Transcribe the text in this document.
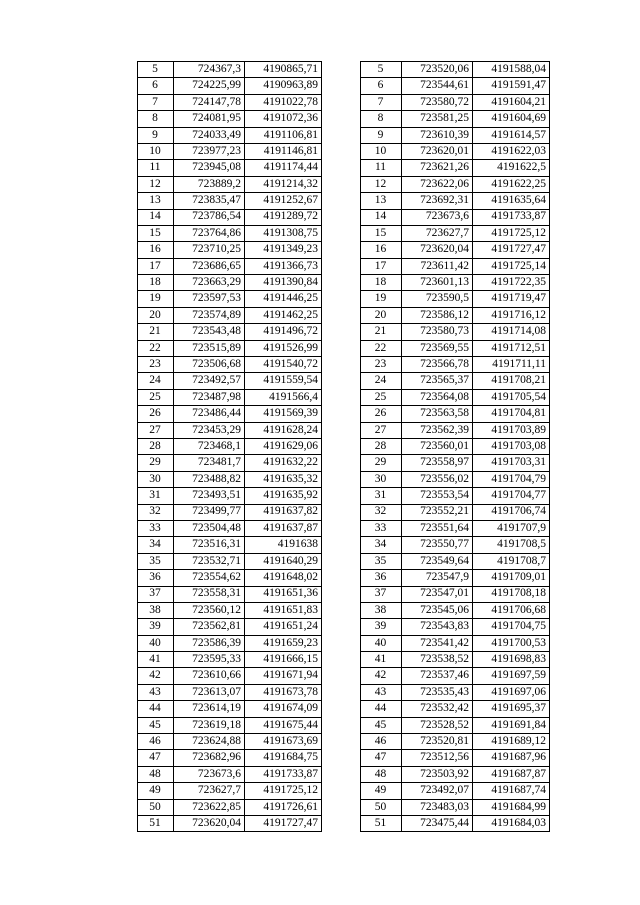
5	724367,3	4190865,71
6	724225,99	4190963,89
7	724147,78	4191022,78
8	724081,95	4191072,36
9	724033,49	4191106,81
10	723977,23	4191146,81
11	723945,08	4191174,44
12	723889,2	4191214,32
13	723835,47	4191252,67
14	723786,54	4191289,72
15	723764,86	4191308,75
16	723710,25	4191349,23
17	723686,65	4191366,73
18	723663,29	4191390,84
19	723597,53	4191446,25
20	723574,89	4191462,25
21	723543,48	4191496,72
22	723515,89	4191526,99
23	723506,68	4191540,72
24	723492,57	4191559,54
25	723487,98	4191566,4
26	723486,44	4191569,39
27	723453,29	4191628,24
28	723468,1	4191629,06
29	723481,7	4191632,22
30	723488,82	4191635,32
31	723493,51	4191635,92
32	723499,77	4191637,82
33	723504,48	4191637,87
34	723516,31	4191638
35	723532,71	4191640,29
36	723554,62	4191648,02
37	723558,31	4191651,36
38	723560,12	4191651,83
39	723562,81	4191651,24
40	723586,39	4191659,23
41	723595,33	4191666,15
42	723610,66	4191671,94
43	723613,07	4191673,78
44	723614,19	4191674,09
45	723619,18	4191675,44
46	723624,88	4191673,69
47	723682,96	4191684,75
48	723673,6	4191733,87
49	723627,7	4191725,12
50	723622,85	4191726,61
51	723620,04	4191727,47
5	723520,06	4191588,04
6	723544,61	4191591,47
7	723580,72	4191604,21
8	723581,25	4191604,69
9	723610,39	4191614,57
10	723620,01	4191622,03
11	723621,26	4191622,5
12	723622,06	4191622,25
13	723692,31	4191635,64
14	723673,6	4191733,87
15	723627,7	4191725,12
16	723620,04	4191727,47
17	723611,42	4191725,14
18	723601,13	4191722,35
19	723590,5	4191719,47
20	723586,12	4191716,12
21	723580,73	4191714,08
22	723569,55	4191712,51
23	723566,78	4191711,11
24	723565,37	4191708,21
25	723564,08	4191705,54
26	723563,58	4191704,81
27	723562,39	4191703,89
28	723560,01	4191703,08
29	723558,97	4191703,31
30	723556,02	4191704,79
31	723553,54	4191704,77
32	723552,21	4191706,74
33	723551,64	4191707,9
34	723550,77	4191708,5
35	723549,64	4191708,7
36	723547,9	4191709,01
37	723547,01	4191708,18
38	723545,06	4191706,68
39	723543,83	4191704,75
40	723541,42	4191700,53
41	723538,52	4191698,83
42	723537,46	4191697,59
43	723535,43	4191697,06
44	723532,42	4191695,37
45	723528,52	4191691,84
46	723520,81	4191689,12
47	723512,56	4191687,96
48	723503,92	4191687,87
49	723492,07	4191687,74
50	723483,03	4191684,99
51	723475,44	4191684,03
